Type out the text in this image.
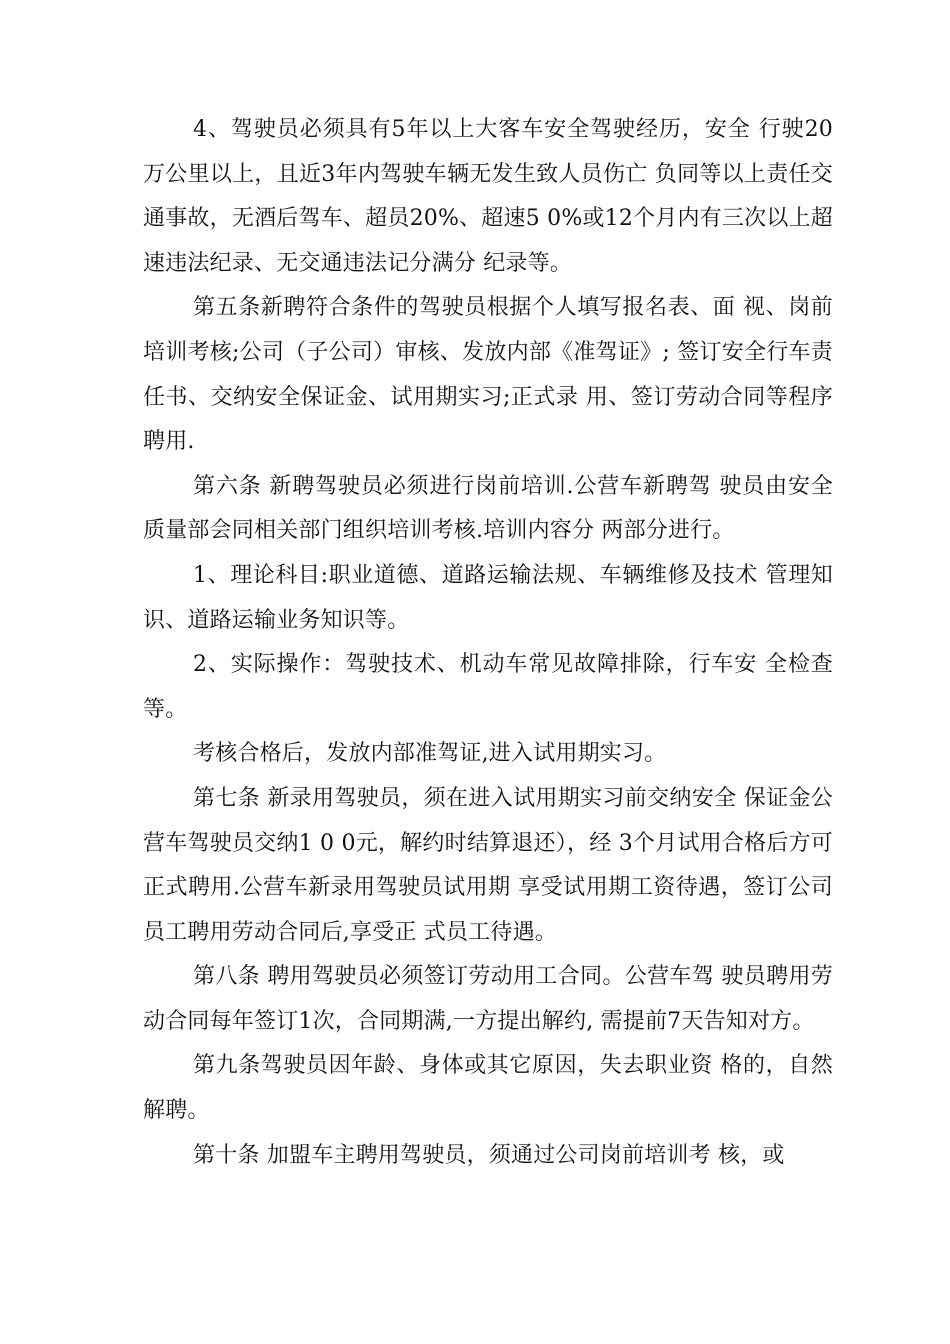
4、驾驶员必须具有5年以上大客车安全驾驶经历，安全 行驶20万公里以上，且近3年内驾驶车辆无发生致人员伤亡 负同等以上责任交通事故，无酒后驾车、超员20%、超速5 0%或12个月内有三次以上超速违法纪录、无交通违法记分满分 纪录等。

第五条新聘符合条件的驾驶员根据个人填写报名表、面 视、岗前培训考核;公司（子公司）审核、发放内部《准驾证》; 签订安全行车责任书、交纳安全保证金、试用期实习;正式录 用、签订劳动合同等程序聘用.

第六条 新聘驾驶员必须进行岗前培训.公营车新聘驾 驶员由安全质量部会同相关部门组织培训考核.培训内容分 两部分进行。

1、理论科目:职业道德、道路运输法规、车辆维修及技术 管理知识、道路运输业务知识等。

2、实际操作：驾驶技术、机动车常见故障排除，行车安 全检查等。

考核合格后，发放内部准驾证,进入试用期实习。

第七条 新录用驾驶员，须在进入试用期实习前交纳安全 保证金公营车驾驶员交纳1 0 0元，解约时结算退还），经 3个月试用合格后方可正式聘用.公营车新录用驾驶员试用期 享受试用期工资待遇，签订公司员工聘用劳动合同后,享受正 式员工待遇。

第八条 聘用驾驶员必须签订劳动用工合同。公营车驾 驶员聘用劳动合同每年签订1次，合同期满,一方提出解约, 需提前7天告知对方。

第九条驾驶员因年龄、身体或其它原因，失去职业资 格的，自然解聘。

第十条 加盟车主聘用驾驶员，须通过公司岗前培训考 核，或
